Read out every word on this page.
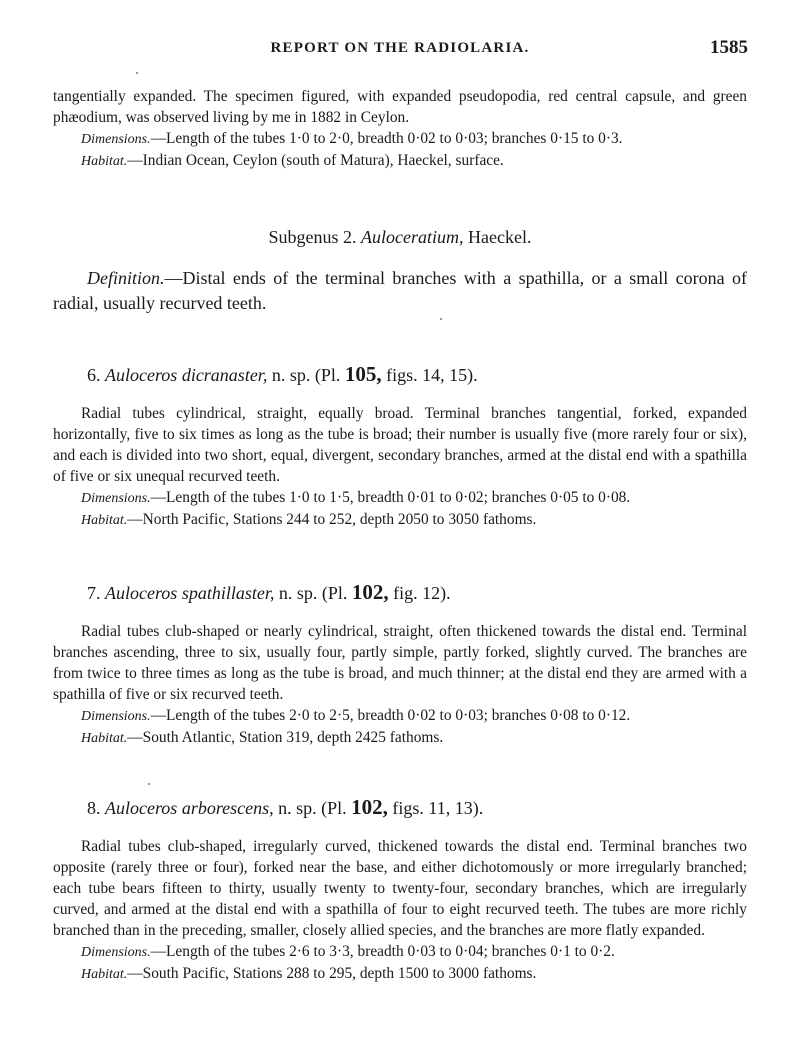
REPORT ON THE RADIOLARIA.	1585

tangentially expanded. The specimen figured, with expanded pseudopodia, red central capsule, and green phæodium, was observed living by me in 1882 in Ceylon.

Dimensions.—Length of the tubes 1·0 to 2·0, breadth 0·02 to 0·03; branches 0·15 to 0·3.

Habitat.—Indian Ocean, Ceylon (south of Matura), Haeckel, surface.

Subgenus 2. Auloceratium, Haeckel.

Definition.—Distal ends of the terminal branches with a spathilla, or a small corona of radial, usually recurved teeth.

6. Auloceros dicranaster, n. sp. (Pl. 105, figs. 14, 15).

Radial tubes cylindrical, straight, equally broad. Terminal branches tangential, forked, expanded horizontally, five to six times as long as the tube is broad; their number is usually five (more rarely four or six), and each is divided into two short, equal, divergent, secondary branches, armed at the distal end with a spathilla of five or six unequal recurved teeth.

Dimensions.—Length of the tubes 1·0 to 1·5, breadth 0·01 to 0·02; branches 0·05 to 0·08.

Habitat.—North Pacific, Stations 244 to 252, depth 2050 to 3050 fathoms.

7. Auloceros spathillaster, n. sp. (Pl. 102, fig. 12).

Radial tubes club-shaped or nearly cylindrical, straight, often thickened towards the distal end. Terminal branches ascending, three to six, usually four, partly simple, partly forked, slightly curved. The branches are from twice to three times as long as the tube is broad, and much thinner; at the distal end they are armed with a spathilla of five or six recurved teeth.

Dimensions.—Length of the tubes 2·0 to 2·5, breadth 0·02 to 0·03; branches 0·08 to 0·12.

Habitat.—South Atlantic, Station 319, depth 2425 fathoms.

8. Auloceros arborescens, n. sp. (Pl. 102, figs. 11, 13).

Radial tubes club-shaped, irregularly curved, thickened towards the distal end. Terminal branches two opposite (rarely three or four), forked near the base, and either dichotomously or more irregularly branched; each tube bears fifteen to thirty, usually twenty to twenty-four, secondary branches, which are irregularly curved, and armed at the distal end with a spathilla of four to eight recurved teeth. The tubes are more richly branched than in the preceding, smaller, closely allied species, and the branches are more flatly expanded.

Dimensions.—Length of the tubes 2·6 to 3·3, breadth 0·03 to 0·04; branches 0·1 to 0·2.

Habitat.—South Pacific, Stations 288 to 295, depth 1500 to 3000 fathoms.
